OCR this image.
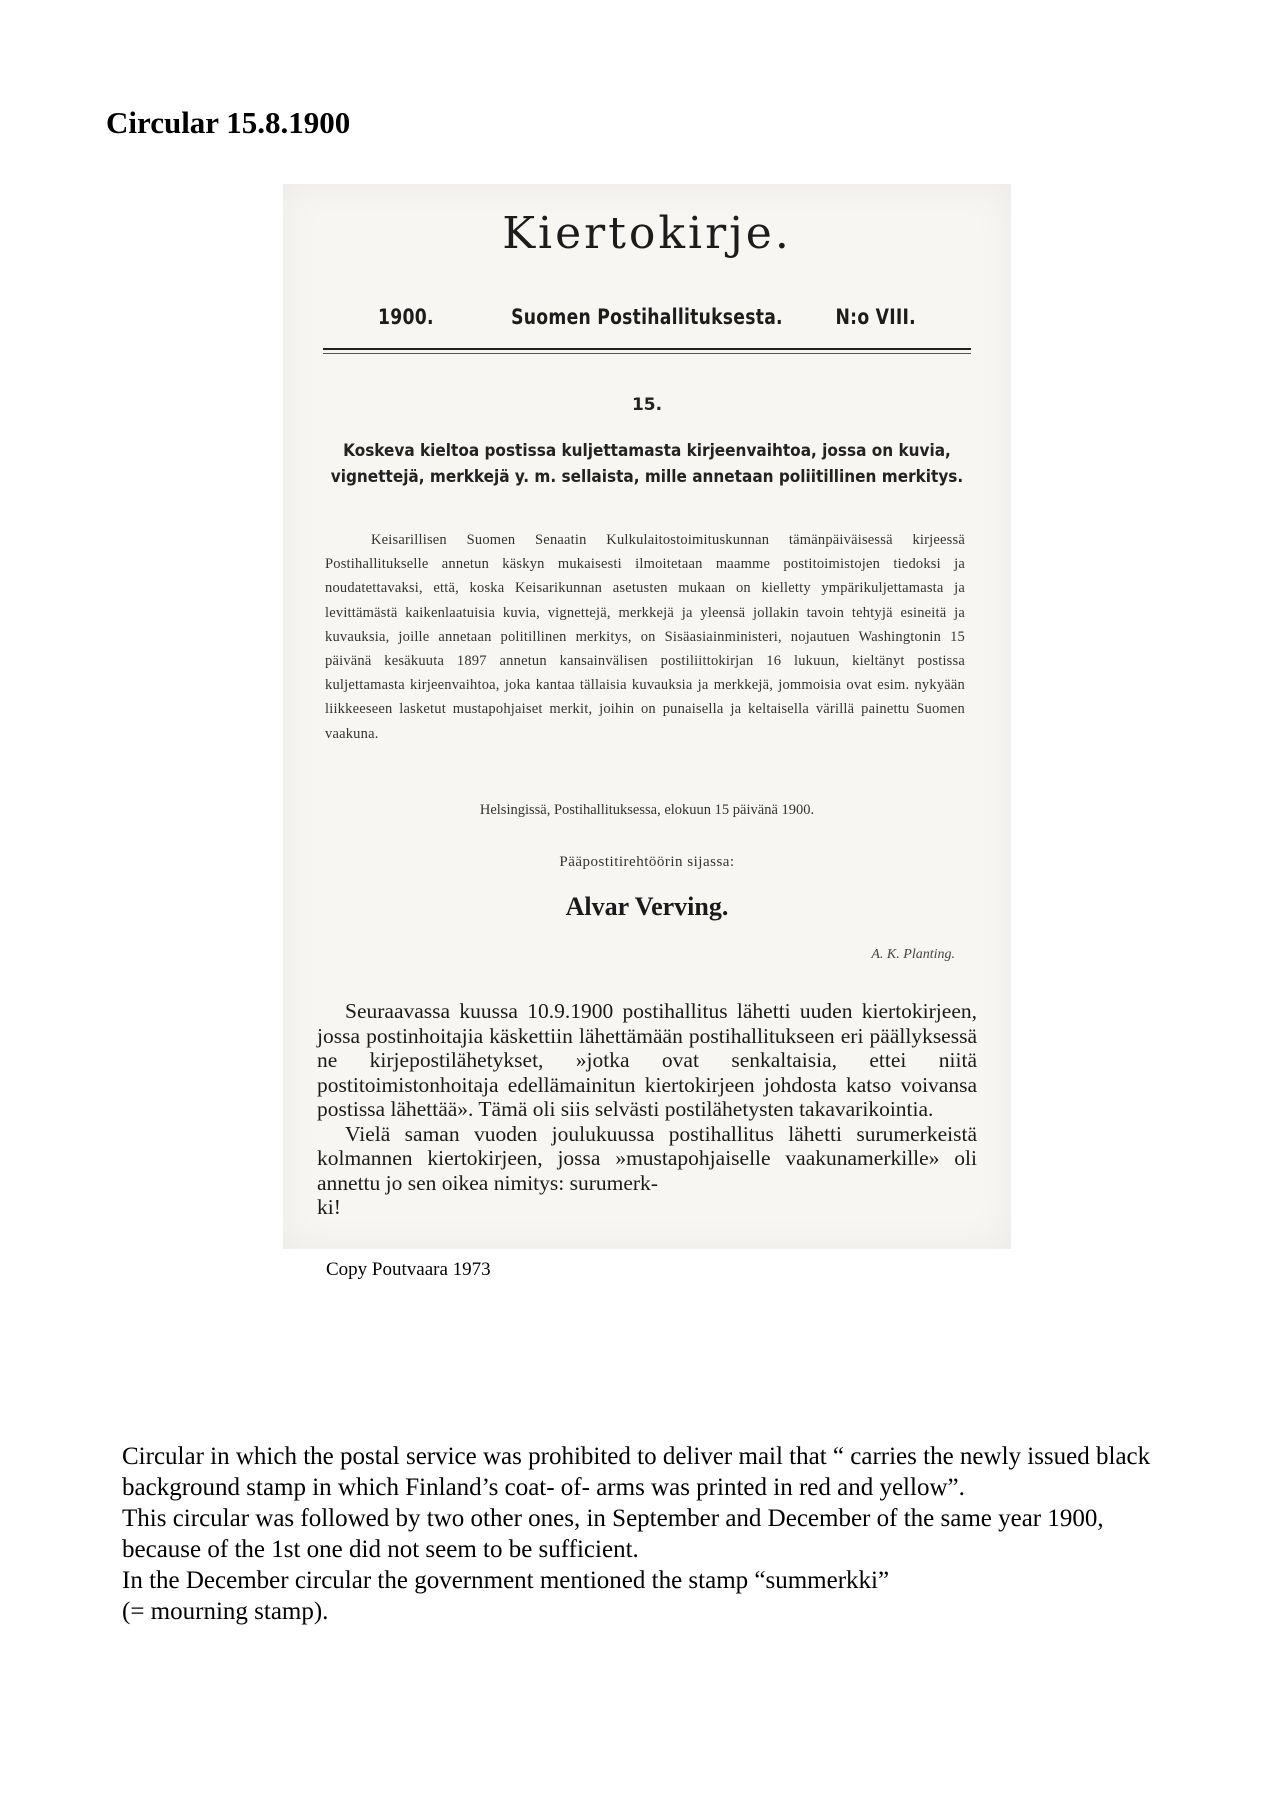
Circular 15.8.1900
Kiertokirje.
1900.	Suomen Postihallituksesta.	N:o VIII.
15.
Koskeva kieltoa postissa kuljettamasta kirjeenvaihtoa, jossa on kuvia, vignettejä, merkkejä y. m. sellaista, mille annetaan poliitillinen merkitys.

Keisarillisen Suomen Senaatin Kulkulaitostoimituskunnan tämänpäiväisessä kirjeessä Postihallitukselle annetun käskyn mukaisesti ilmoitetaan maamme postitoimistojen tiedoksi ja noudatettavaksi, että, koska Keisarikunnan asetusten mukaan on kielletty ympärikuljettamasta ja levittämästä kaikenlaatuisia kuvia, vignettejä, merkkejä ja yleensä jollakin tavoin tehtyjä esineitä ja kuvauksia, joille annetaan politillinen merkitys, on Sisäasiainministeri, nojautuen Washingtonin 15 päivänä kesäkuuta 1897 annetun kansainvälisen postiliittokirjan 16 lukuun, kieltänyt postissa kuljettamasta kirjeenvaihtoa, joka kantaa tällaisia kuvauksia ja merkkejä, jommoisia ovat esim. nykyään liikkeeseen lasketut mustapohjaiset merkit, joihin on punaisella ja keltaisella värillä painettu Suomen vaakuna.

Helsingissä, Postihallituksessa, elokuun 15 päivänä 1900.
Pääpostitirehtöörin sijassa:
Alvar Verving.
A. K. Planting.

Seuraavassa kuussa 10.9.1900 postihallitus lähetti uuden kiertokirjeen, jossa postinhoitajia käskettiin lähettämään postihallitukseen eri päällyksessä ne kirjepostilähetykset, »jotka ovat senkaltaisia, ettei niitä postitoimistonhoitaja edellämainitun kiertokirjeen johdosta katso voivansa postissa lähettää». Tämä oli siis selvästi postilähetysten takavarikointia.

Vielä saman vuoden joulukuussa postihallitus lähetti surumerkeistä kolmannen kiertokirjeen, jossa »mustapohjaiselle vaakunamerkille» oli annettu jo sen oikea nimitys: surumerk-

ki!

Copy Poutvaara 1973

Circular in which the postal service was prohibited to deliver mail that “ carries the newly issued black background stamp in which Finland’s coat- of- arms was printed in red and yellow”.

This circular was followed by two other ones, in September and December of the same year 1900, because of the 1st one did not seem to be sufficient.

In the December circular the government mentioned the stamp “summerkki”

(= mourning stamp).
